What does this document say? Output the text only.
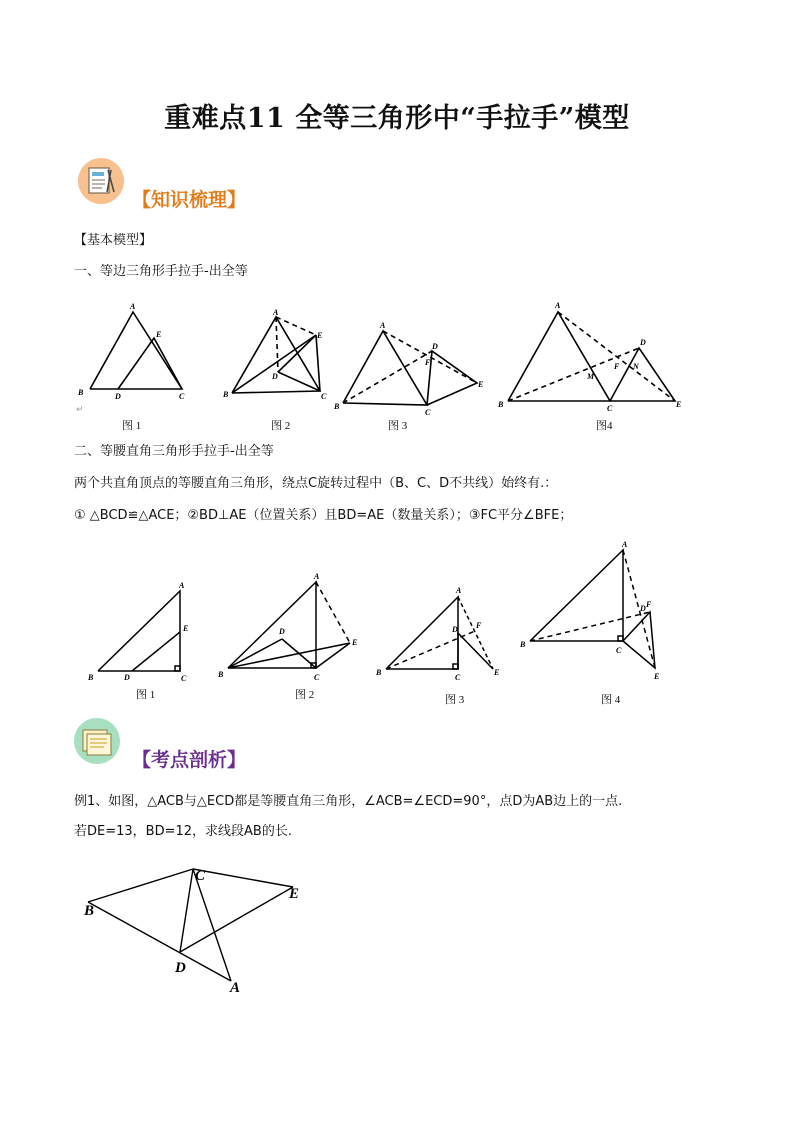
重难点11 全等三角形中“手拉手”模型
【知识梳理】
【基本模型】
一、等边三角形手拉手-出全等
A
E
B	D	C
A
E
D
B	C
A
D
F
E
B
C
A
D
F
M
N
E
B	C
↵
图 1	图 2	图 3	图4
二、等腰直角三角形手拉手-出全等
两个共直角顶点的等腰直角三角形，绕点C旋转过程中（B、C、D不共线）始终有.：
① △BCD≌△ACE；②BD⊥AE（位置关系）且BD=AE（数量关系）；③FC平分∠BFE；
A
E
B	D	C
A
D
E
B	C
A
D F
B
C
E
A
F
D
B
C
E
图 1	图 2	图 3	图 4
【考点剖析】
例1、如图，△ACB与△ECD都是等腰直角三角形，∠ACB=∠ECD=90°，点D为AB边上的一点.
若DE=13，BD=12，求线段AB的长.
B
C
E
D
A
